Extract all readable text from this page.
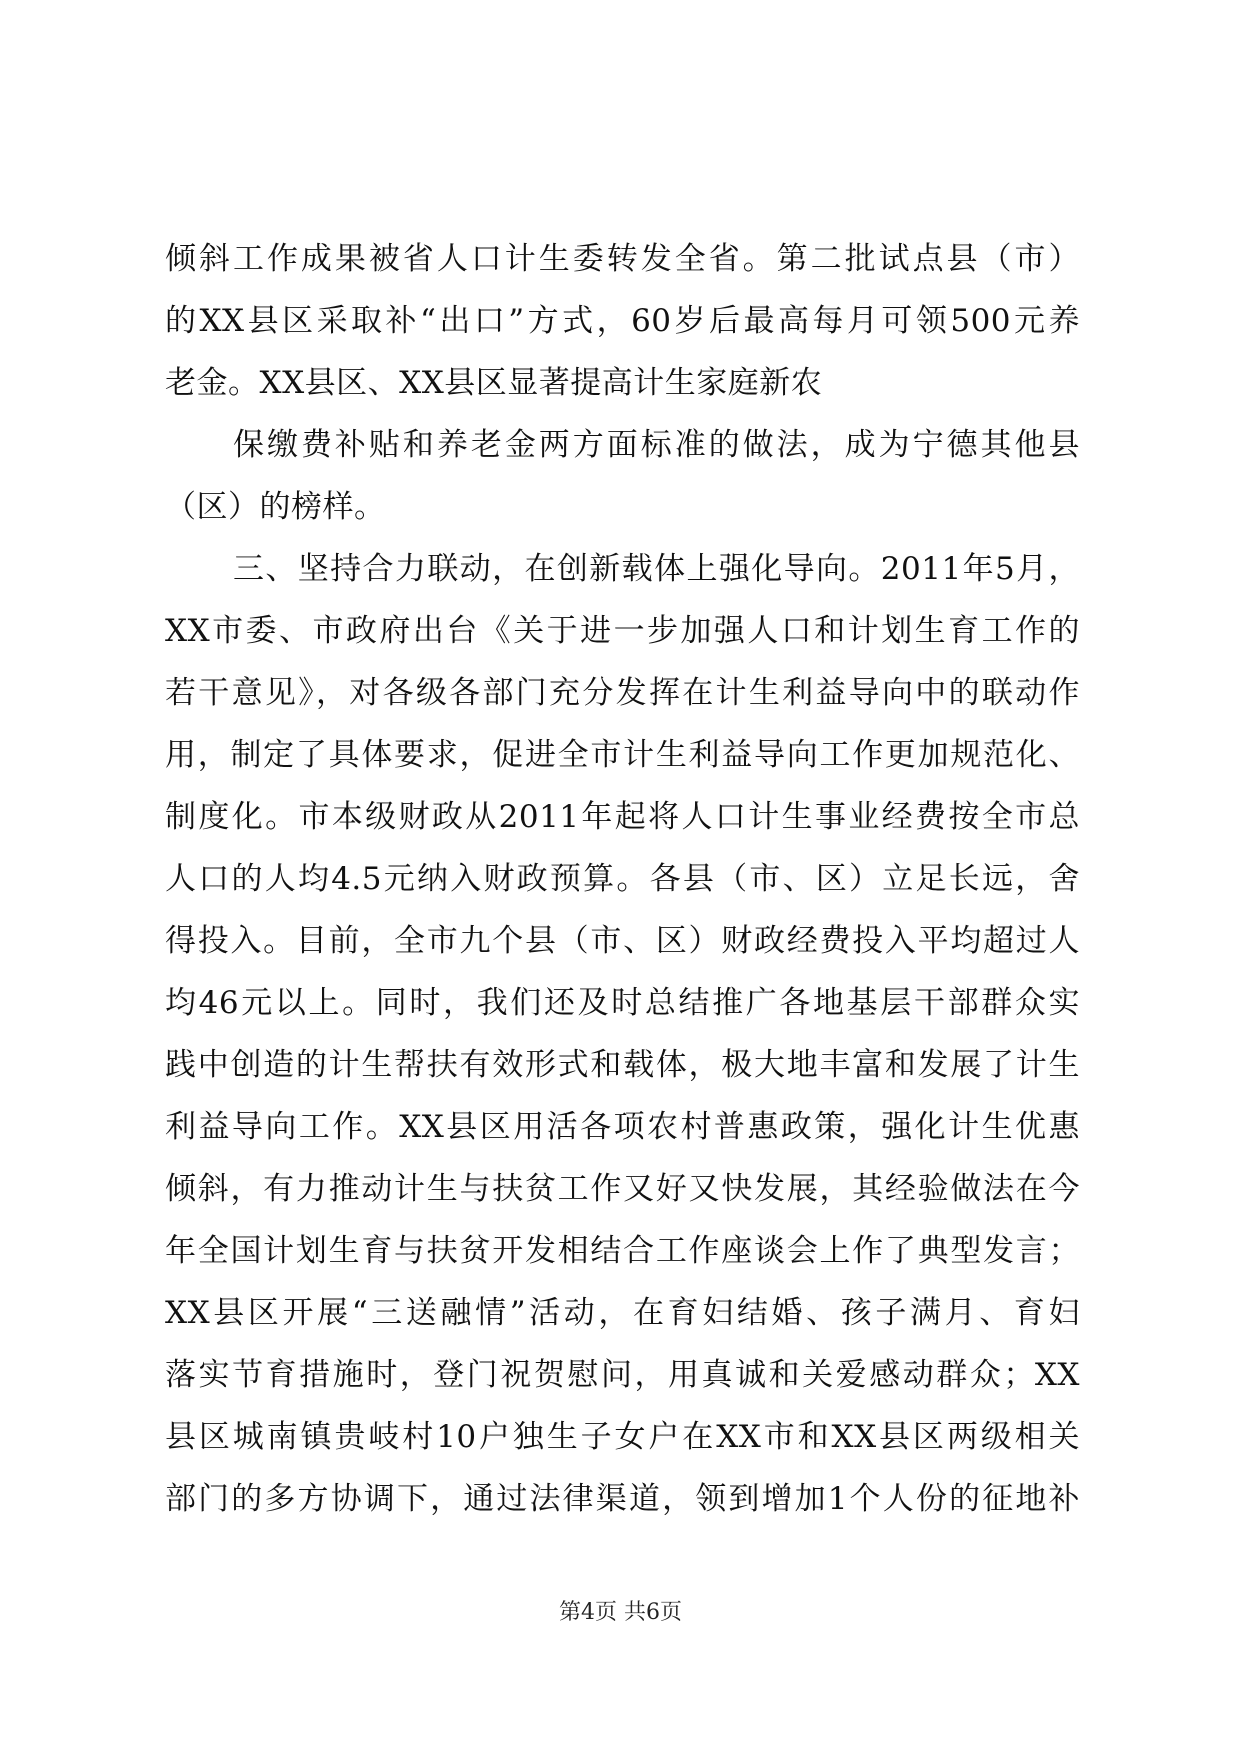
倾斜工作成果被省人口计生委转发全省。第二批试点县（市）
的XX县区采取补“出口”方式，60岁后最高每月可领500元养
老金。XX县区、XX县区显著提高计生家庭新农
保缴费补贴和养老金两方面标准的做法，成为宁德其他县
（区）的榜样。
三、坚持合力联动，在创新载体上强化导向。2011年5月，
XX市委、市政府出台《关于进一步加强人口和计划生育工作的
若干意见》，对各级各部门充分发挥在计生利益导向中的联动作
用，制定了具体要求，促进全市计生利益导向工作更加规范化、
制度化。市本级财政从2011年起将人口计生事业经费按全市总
人口的人均4.5元纳入财政预算。各县（市、区）立足长远，舍
得投入。目前，全市九个县（市、区）财政经费投入平均超过人
均46元以上。同时，我们还及时总结推广各地基层干部群众实
践中创造的计生帮扶有效形式和载体，极大地丰富和发展了计生
利益导向工作。XX县区用活各项农村普惠政策，强化计生优惠
倾斜，有力推动计生与扶贫工作又好又快发展，其经验做法在今
年全国计划生育与扶贫开发相结合工作座谈会上作了典型发言；
XX县区开展“三送融情”活动，在育妇结婚、孩子满月、育妇
落实节育措施时，登门祝贺慰问，用真诚和关爱感动群众；XX
县区城南镇贵岐村10户独生子女户在XX市和XX县区两级相关
部门的多方协调下，通过法律渠道，领到增加1个人份的征地补
第4页 共6页
